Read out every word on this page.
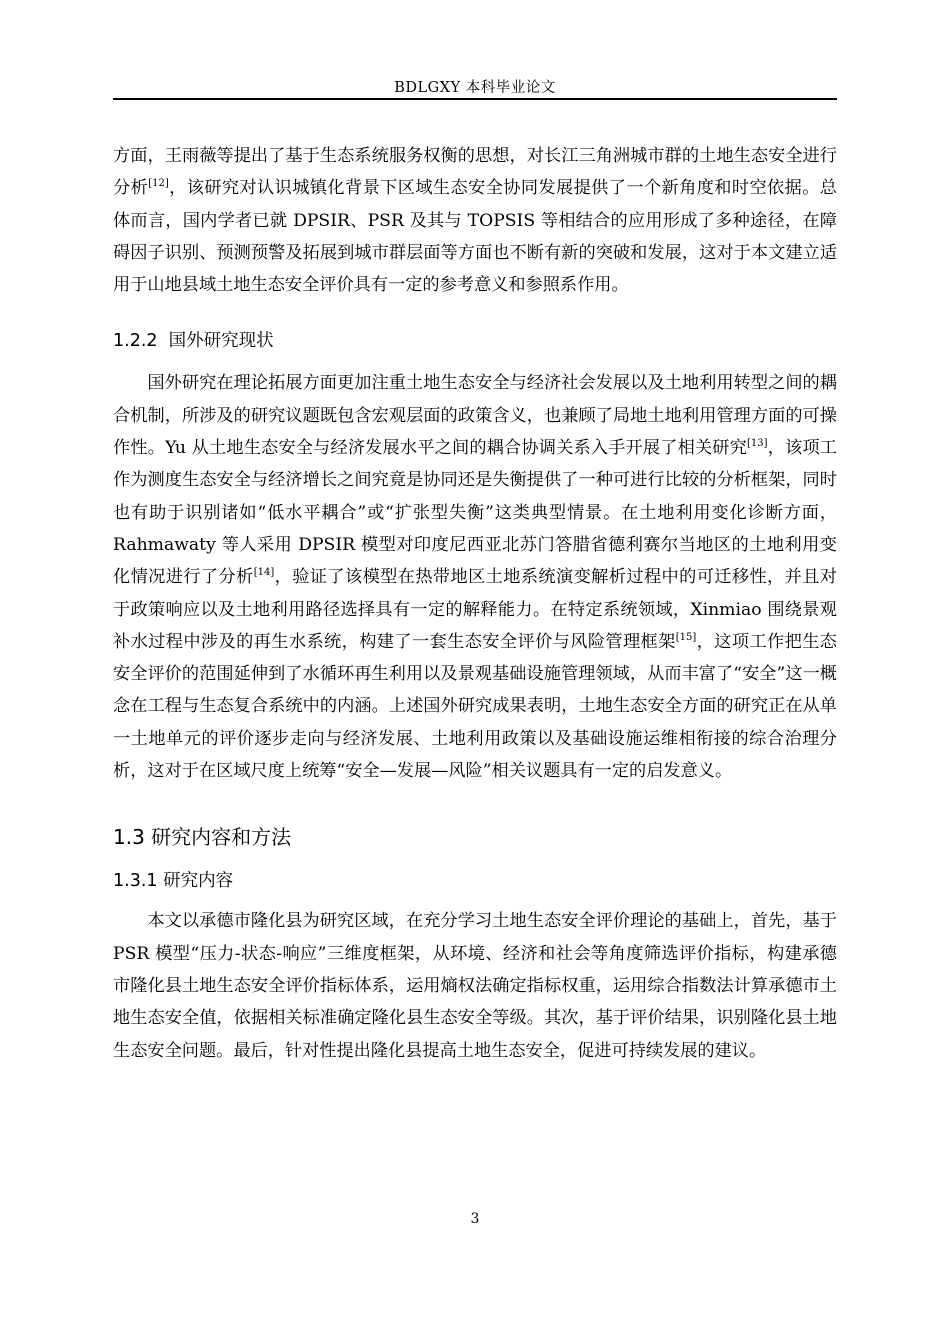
BDLGXY 本科毕业论文

方面，王雨薇等提出了基于生态系统服务权衡的思想，对长江三角洲城市群的土地生态安全进行分析[12]，该研究对认识城镇化背景下区域生态安全协同发展提供了一个新角度和时空依据。总体而言，国内学者已就 DPSIR、PSR 及其与 TOPSIS 等相结合的应用形成了多种途径，在障碍因子识别、预测预警及拓展到城市群层面等方面也不断有新的突破和发展，这对于本文建立适用于山地县域土地生态安全评价具有一定的参考意义和参照系作用。

1.2.2 国外研究现状

国外研究在理论拓展方面更加注重土地生态安全与经济社会发展以及土地利用转型之间的耦合机制，所涉及的研究议题既包含宏观层面的政策含义，也兼顾了局地土地利用管理方面的可操作性。Yu 从土地生态安全与经济发展水平之间的耦合协调关系入手开展了相关研究[13]，该项工作为测度生态安全与经济增长之间究竟是协同还是失衡提供了一种可进行比较的分析框架，同时也有助于识别诸如“低水平耦合”或“扩张型失衡”这类典型情景。在土地利用变化诊断方面，Rahmawaty 等人采用 DPSIR 模型对印度尼西亚北苏门答腊省德利赛尔当地区的土地利用变化情况进行了分析[14]，验证了该模型在热带地区土地系统演变解析过程中的可迁移性，并且对于政策响应以及土地利用路径选择具有一定的解释能力。在特定系统领域，Xinmiao 围绕景观补水过程中涉及的再生水系统，构建了一套生态安全评价与风险管理框架[15]，这项工作把生态安全评价的范围延伸到了水循环再生利用以及景观基础设施管理领域，从而丰富了“安全”这一概念在工程与生态复合系统中的内涵。上述国外研究成果表明，土地生态安全方面的研究正在从单一土地单元的评价逐步走向与经济发展、土地利用政策以及基础设施运维相衔接的综合治理分析，这对于在区域尺度上统筹“安全—发展—风险”相关议题具有一定的启发意义。

1.3 研究内容和方法
1.3.1 研究内容

本文以承德市隆化县为研究区域，在充分学习土地生态安全评价理论的基础上，首先，基于 PSR 模型“压力-状态-响应”三维度框架，从环境、经济和社会等角度筛选评价指标，构建承德市隆化县土地生态安全评价指标体系，运用熵权法确定指标权重，运用综合指数法计算承德市土地生态安全值，依据相关标准确定隆化县生态安全等级。其次，基于评价结果，识别隆化县土地生态安全问题。最后，针对性提出隆化县提高土地生态安全，促进可持续发展的建议。

3
